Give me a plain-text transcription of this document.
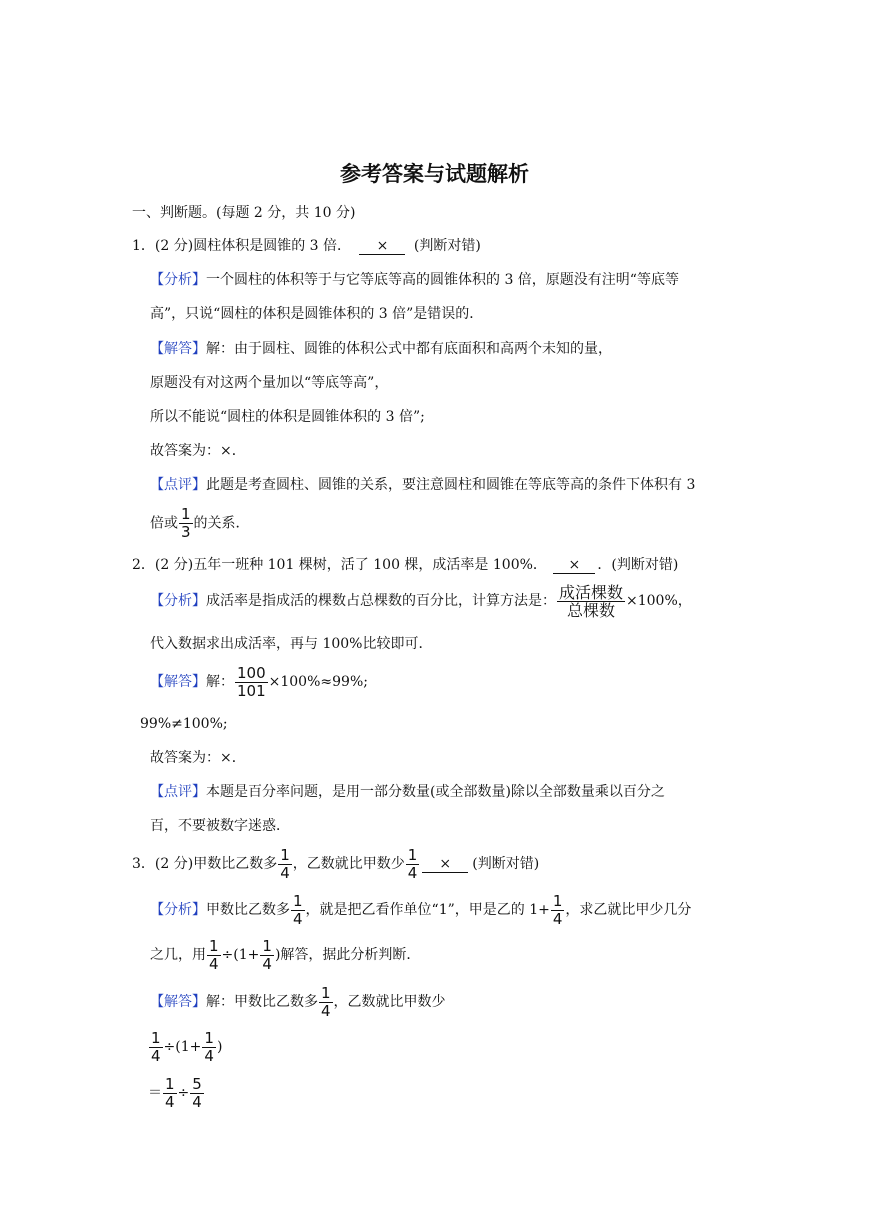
参考答案与试题解析
一、判断题。(每题 2 分，共 10 分)
1．(2 分)圆柱体积是圆锥的 3 倍． × (判断对错)
【分析】一个圆柱的体积等于与它等底等高的圆锥体积的 3 倍，原题没有注明“等底等
高”，只说“圆柱的体积是圆锥体积的 3 倍”是错误的．
【解答】解：由于圆柱、圆锥的体积公式中都有底面积和高两个未知的量，
原题没有对这两个量加以“等底等高”，
所以不能说“圆柱的体积是圆锥体积的 3 倍”;
故答案为：×．
【点评】此题是考查圆柱、圆锥的关系，要注意圆柱和圆锥在等底等高的条件下体积有 3
倍或 $\frac{1}{3}$ 的关系．
2．(2 分)五年一班种 101 棵树，活了 100 棵，成活率是 100%． × ．(判断对错)
【分析】成活率是指成活的棵数占总棵数的百分比，计算方法是： $\frac{\text{成活棵数}}{\text{总棵数}} \times 100\%$，
代入数据求出成活率，再与 100%比较即可．
【解答】解： $\frac{100}{101} \times 100\%\approx 99\%$;
99%≠100%;
故答案为：×．
【点评】本题是百分率问题，是用一部分数量(或全部数量)除以全部数量乘以百分之
百，不要被数字迷惑．
3．(2 分)甲数比乙数多 $\frac{1}{4}$ ，乙数就比甲数少 $\frac{1}{4}$ × (判断对错)
【分析】甲数比乙数多 $\frac{1}{4}$ ，就是把乙看作单位“1”，甲是乙的 $1+ \frac{1}{4}$ ，求乙就比甲少几分
之几，用 $\frac{1}{4} \div(1+ \frac{1}{4}$ )解答，据此分析判断．
【解答】解：甲数比乙数多 $\frac{1}{4}$ ，乙数就比甲数少
$\frac{1}{4} \div(1+ \frac{1}{4}$ )
＝ $\frac{1}{4} \div \frac{5}{4}$
